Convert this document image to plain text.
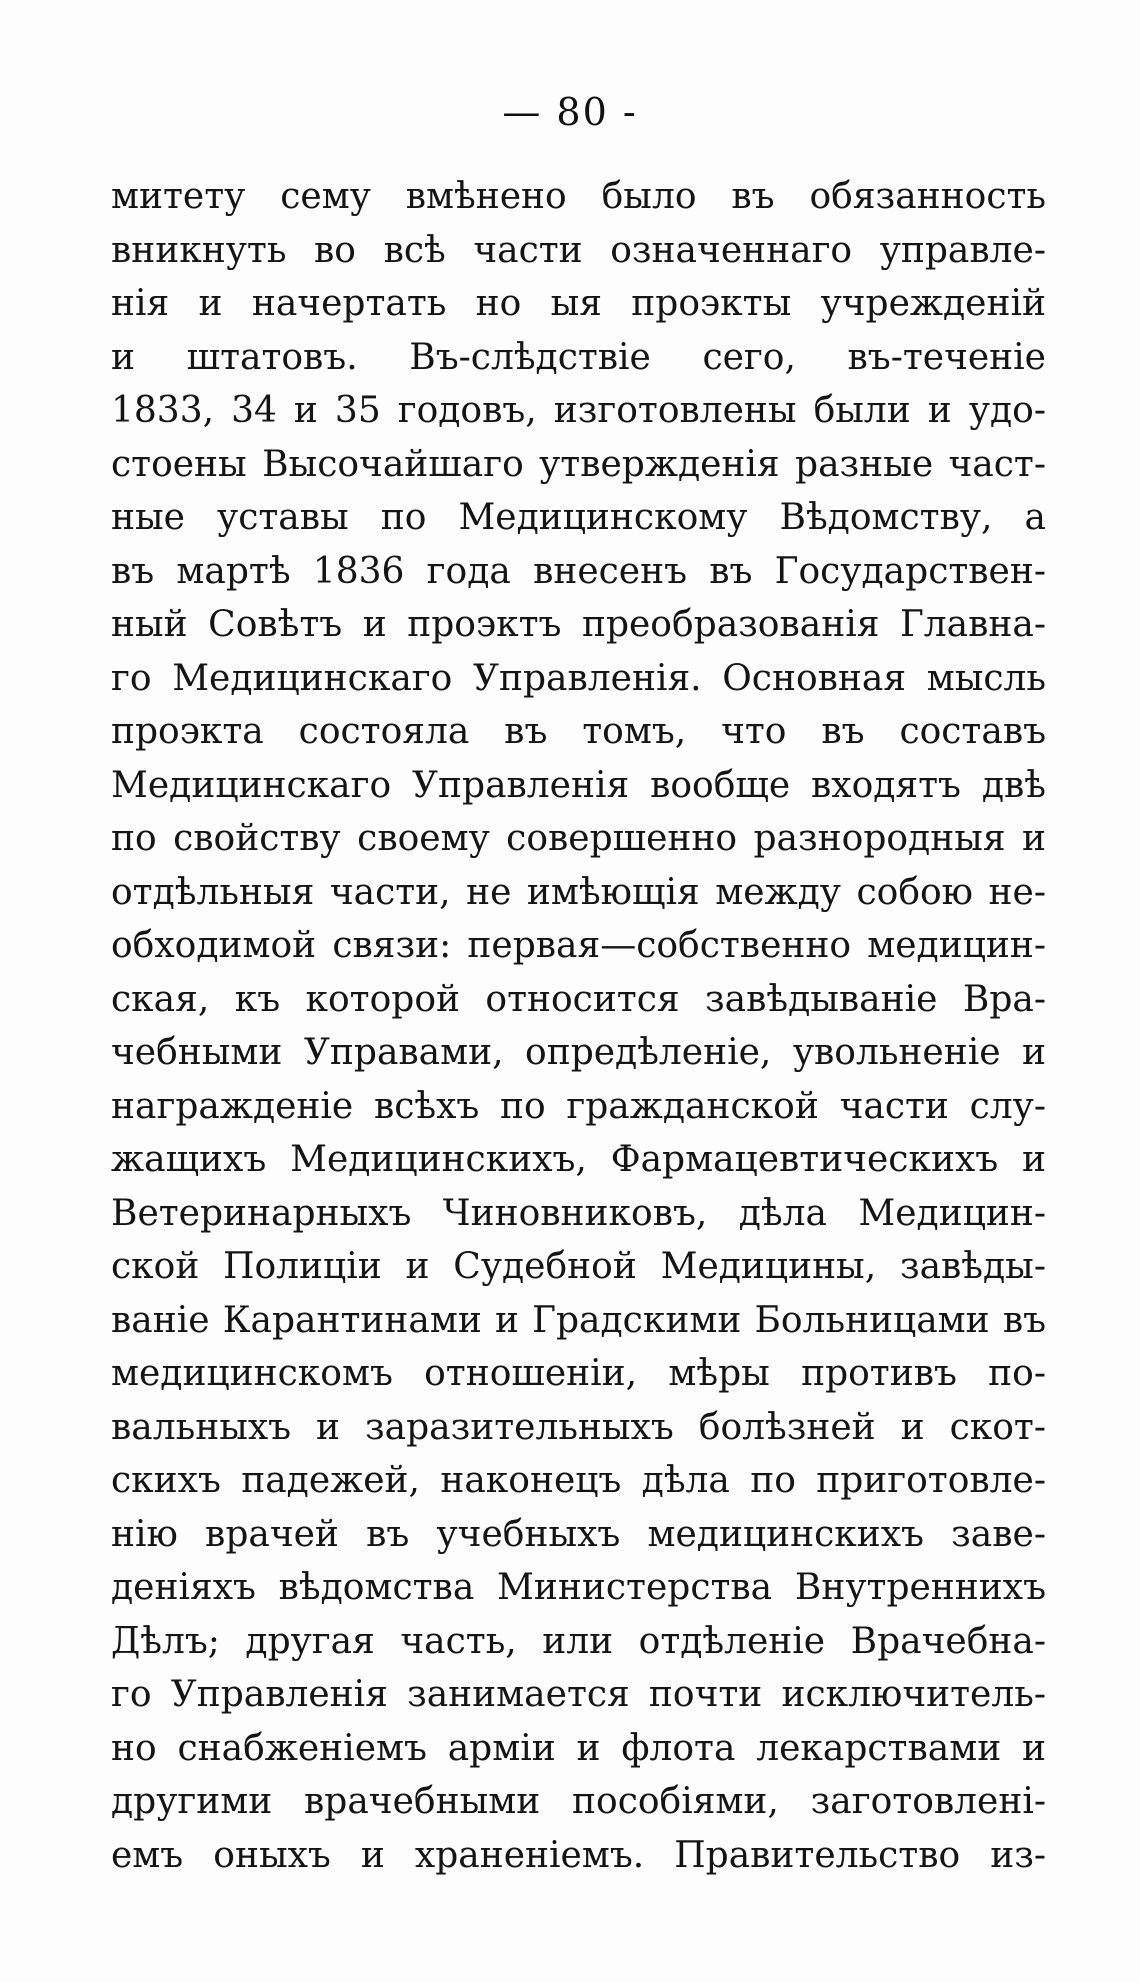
— 80 -
митету сему вмѣнено было въ обязанность
вникнуть во всѣ части означеннаго управле-
нія и начертать но ыя проэкты учрежденій
и штатовъ. Въ-слѣдствіе сего, въ-теченіе
1833, 34 и 35 годовъ, изготовлены были и удо-
стоены Высочайшаго утвержденія разные част-
ные уставы по Медицинскому Вѣдомству, а
въ мартѣ 1836 года внесенъ въ Государствен-
ный Совѣтъ и проэктъ преобразованія Главна-
го Медицинскаго Управленія. Основная мысль
проэкта состояла въ томъ, что въ составъ
Медицинскаго Управленія вообще входятъ двѣ
по свойству своему совершенно разнородныя и
отдѣльныя части, не имѣющія между собою не-
обходимой связи: первая—собственно медицин-
ская, къ которой относится завѣдываніе Вра-
чебными Управами, опредѣленіе, увольненіе и
награжденіе всѣхъ по гражданской части слу-
жащихъ Медицинскихъ, Фармацевтическихъ и
Ветеринарныхъ Чиновниковъ, дѣла Медицин-
ской Полиціи и Судебной Медицины, завѣды-
ваніе Карантинами и Градскими Больницами въ
медицинскомъ отношеніи, мѣры противъ по-
вальныхъ и заразительныхъ болѣзней и скот-
скихъ падежей, наконецъ дѣла по приготовле-
нію врачей въ учебныхъ медицинскихъ заве-
деніяхъ вѣдомства Министерства Внутреннихъ
Дѣлъ; другая часть, или отдѣленіе Врачебна-
го Управленія занимается почти исключитель-
но снабженіемъ арміи и флота лекарствами и
другими врачебными пособіями, заготовлені-
емъ оныхъ и храненіемъ. Правительство из-
